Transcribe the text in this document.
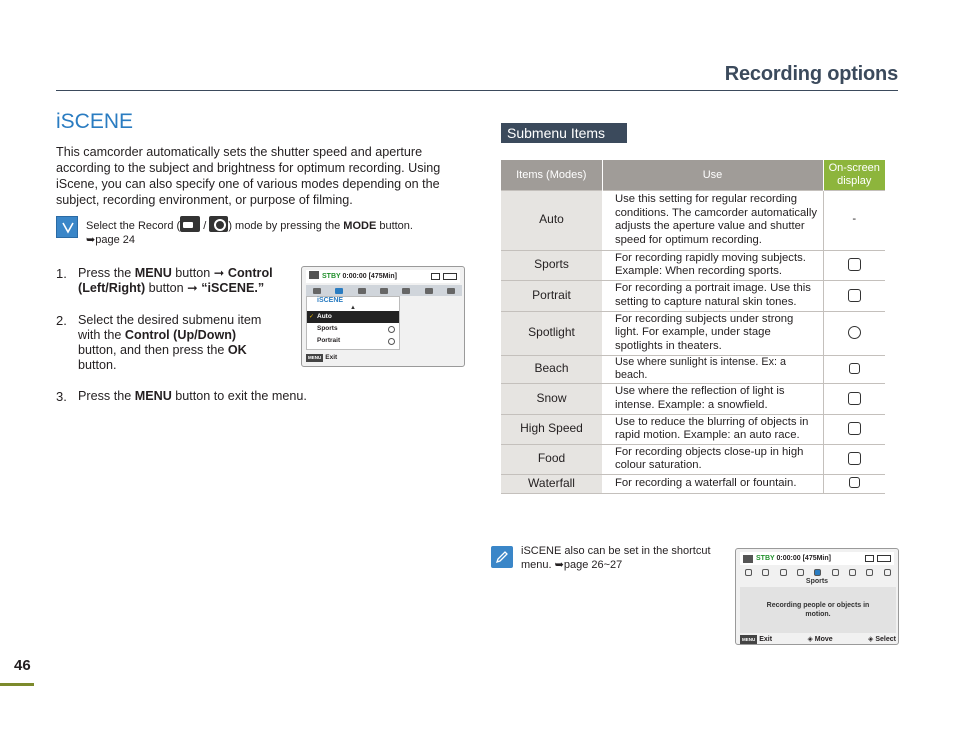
Recording options
iSCENE

This camcorder automatically sets the shutter speed and aperture according to the subject and brightness for optimum recording. Using iScene, you can also specify one of various modes depending on the subject, recording environment, or purpose of filming.

Select the Record ( / ) mode by pressing the MODE button.
➥page 24
1. Press the MENU button ➞ Control (Left/Right) button ➞ “iSCENE.”
2. Select the desired submenu item with the Control (Up/Down) button, and then press the OK button.
3. Press the MENU button to exit the menu.
STBY 0:00:00 [475Min]
iSCENE
▲
✓ Auto
Sports
Portrait
MENU Exit
Submenu Items
Items (Modes)	Use	On-screen display
Auto	Use this setting for regular recording conditions. The camcorder automatically adjusts the aperture value and shutter speed for optimum recording.	-
Sports	For recording rapidly moving subjects. Example: When recording sports.	
Portrait	For recording a portrait image. Use this setting to capture natural skin tones.	
Spotlight	For recording subjects under strong light. For example, under stage spotlights in theaters.	
Beach	Use where sunlight is intense. Ex: a beach.	
Snow	Use where the reflection of light is intense. Example: a snowfield.	
High Speed	Use to reduce the blurring of objects in rapid motion. Example: an auto race.	
Food	For recording objects close-up in high colour saturation.	
Waterfall	For recording a waterfall or fountain.	
iSCENE also can be set in the shortcut menu. ➥page 26~27
STBY 0:00:00 [475Min]
Sports
Recording people or objects in motion.
MENU Exit	◈ Move	◈ Select
46
